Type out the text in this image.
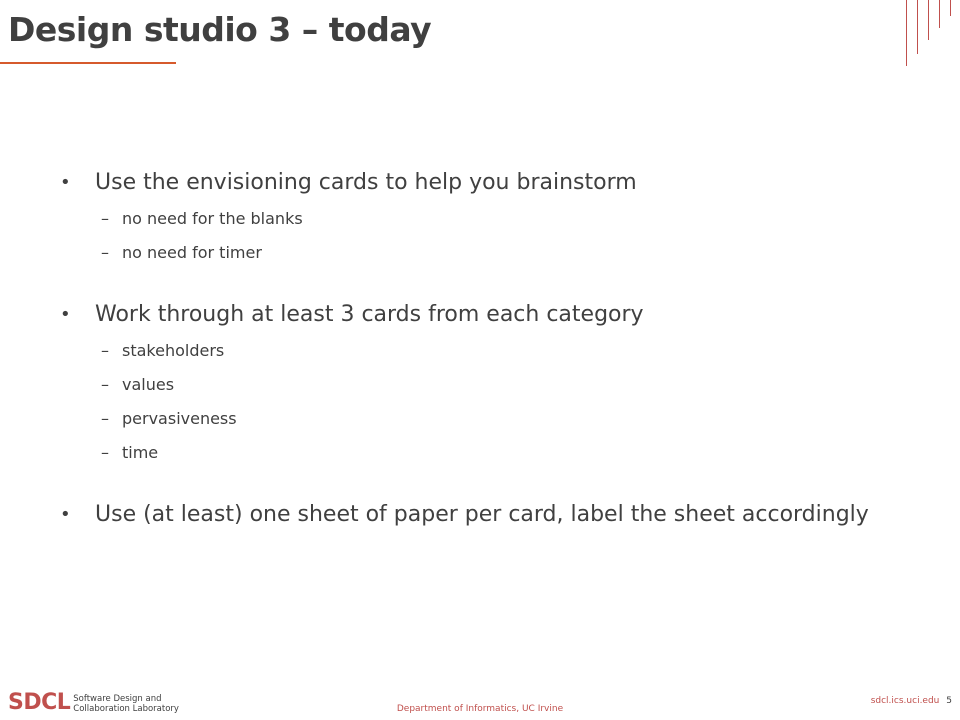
Design studio 3 – today
• Use the envisioning cards to help you brainstorm
– no need for the blanks
– no need for timer
• Work through at least 3 cards from each category
– stakeholders
– values
– pervasiveness
– time
• Use (at least) one sheet of paper per card, label the sheet accordingly
SDCL Software Design and
Collaboration Laboratory	Department of Informatics, UC Irvine
sdcl.ics.uci.edu 5
